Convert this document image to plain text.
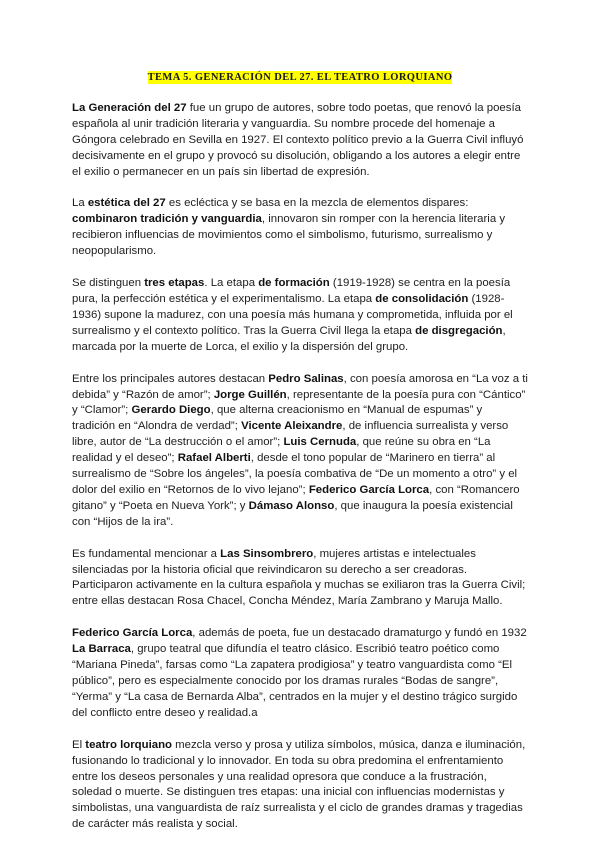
TEMA 5. GENERACIÓN DEL 27. EL TEATRO LORQUIANO

La Generación del 27 fue un grupo de autores, sobre todo poetas, que renovó la poesía española al unir tradición literaria y vanguardia. Su nombre procede del homenaje a Góngora celebrado en Sevilla en 1927. El contexto político previo a la Guerra Civil influyó decisivamente en el grupo y provocó su disolución, obligando a los autores a elegir entre el exilio o permanecer en un país sin libertad de expresión.

La estética del 27 es ecléctica y se basa en la mezcla de elementos dispares: combinaron tradición y vanguardia, innovaron sin romper con la herencia literaria y recibieron influencias de movimientos como el simbolismo, futurismo, surrealismo y neopopularismo.

Se distinguen tres etapas. La etapa de formación (1919-1928) se centra en la poesía pura, la perfección estética y el experimentalismo. La etapa de consolidación (1928-1936) supone la madurez, con una poesía más humana y comprometida, influida por el surrealismo y el contexto político. Tras la Guerra Civil llega la etapa de disgregación, marcada por la muerte de Lorca, el exilio y la dispersión del grupo.

Entre los principales autores destacan Pedro Salinas, con poesía amorosa en “La voz a ti debida” y “Razón de amor”; Jorge Guillén, representante de la poesía pura con “Cántico” y “Clamor”; Gerardo Diego, que alterna creacionismo en “Manual de espumas” y tradición en “Alondra de verdad”; Vicente Aleixandre, de influencia surrealista y verso libre, autor de “La destrucción o el amor”; Luis Cernuda, que reúne su obra en “La realidad y el deseo”; Rafael Alberti, desde el tono popular de “Marinero en tierra” al surrealismo de “Sobre los ángeles”, la poesía combativa de “De un momento a otro” y el dolor del exilio en “Retornos de lo vivo lejano”; Federico García Lorca, con “Romancero gitano” y “Poeta en Nueva York”; y Dámaso Alonso, que inaugura la poesía existencial con “Hijos de la ira”.

Es fundamental mencionar a Las Sinsombrero, mujeres artistas e intelectuales silenciadas por la historia oficial que reivindicaron su derecho a ser creadoras. Participaron activamente en la cultura española y muchas se exiliaron tras la Guerra Civil; entre ellas destacan Rosa Chacel, Concha Méndez, María Zambrano y Maruja Mallo.

Federico García Lorca, además de poeta, fue un destacado dramaturgo y fundó en 1932 La Barraca, grupo teatral que difundía el teatro clásico. Escribió teatro poético como “Mariana Pineda”, farsas como “La zapatera prodigiosa” y teatro vanguardista como “El público”, pero es especialmente conocido por los dramas rurales “Bodas de sangre”, “Yerma” y “La casa de Bernarda Alba”, centrados en la mujer y el destino trágico surgido del conflicto entre deseo y realidad.a

El teatro lorquiano mezcla verso y prosa y utiliza símbolos, música, danza e iluminación, fusionando lo tradicional y lo innovador. En toda su obra predomina el enfrentamiento entre los deseos personales y una realidad opresora que conduce a la frustración, soledad o muerte. Se distinguen tres etapas: una inicial con influencias modernistas y simbolistas, una vanguardista de raíz surrealista y el ciclo de grandes dramas y tragedias de carácter más realista y social.
